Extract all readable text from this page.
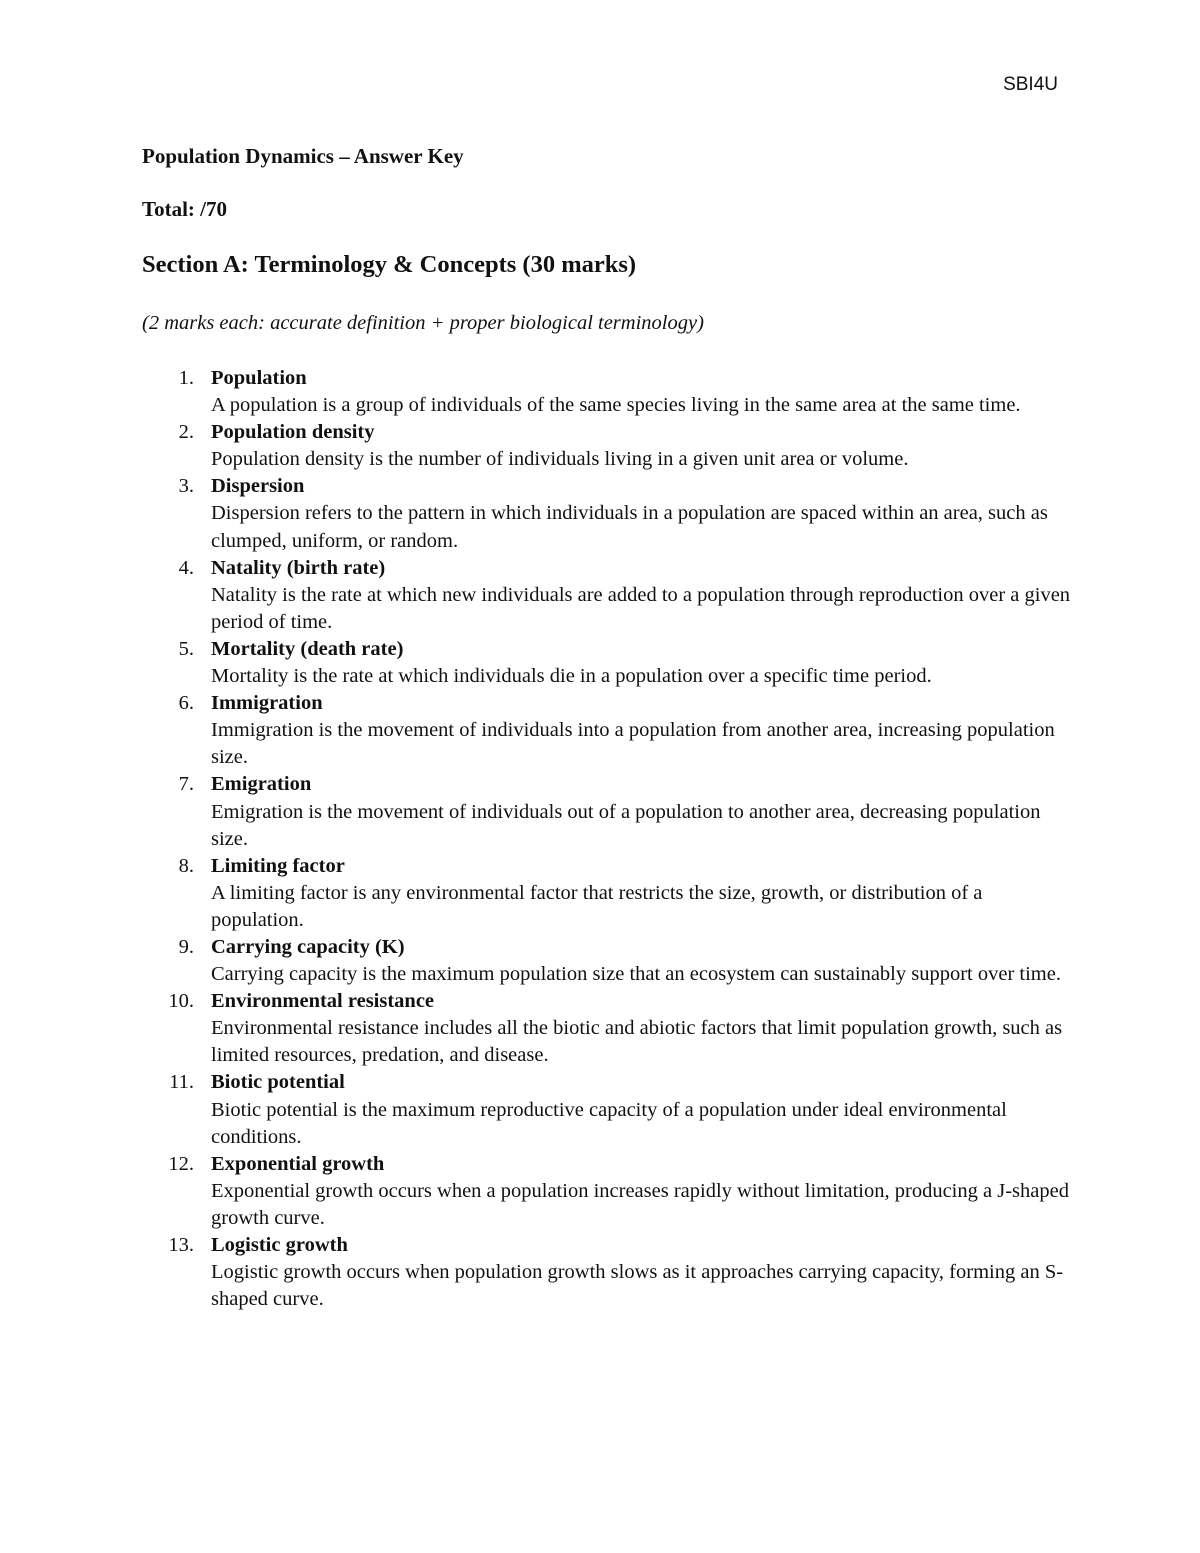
SBI4U
Population Dynamics – Answer Key
Total: /70
Section A: Terminology & Concepts (30 marks)
(2 marks each: accurate definition + proper biological terminology)
1. Population
A population is a group of individuals of the same species living in the same area at the same time.
2. Population density
Population density is the number of individuals living in a given unit area or volume.
3. Dispersion
Dispersion refers to the pattern in which individuals in a population are spaced within an area, such as clumped, uniform, or random.
4. Natality (birth rate)
Natality is the rate at which new individuals are added to a population through reproduction over a given period of time.
5. Mortality (death rate)
Mortality is the rate at which individuals die in a population over a specific time period.
6. Immigration
Immigration is the movement of individuals into a population from another area, increasing population size.
7. Emigration
Emigration is the movement of individuals out of a population to another area, decreasing population size.
8. Limiting factor
A limiting factor is any environmental factor that restricts the size, growth, or distribution of a population.
9. Carrying capacity (K)
Carrying capacity is the maximum population size that an ecosystem can sustainably support over time.
10. Environmental resistance
Environmental resistance includes all the biotic and abiotic factors that limit population growth, such as limited resources, predation, and disease.
11. Biotic potential
Biotic potential is the maximum reproductive capacity of a population under ideal environmental conditions.
12. Exponential growth
Exponential growth occurs when a population increases rapidly without limitation, producing a J-shaped growth curve.
13. Logistic growth
Logistic growth occurs when population growth slows as it approaches carrying capacity, forming an S-shaped curve.
